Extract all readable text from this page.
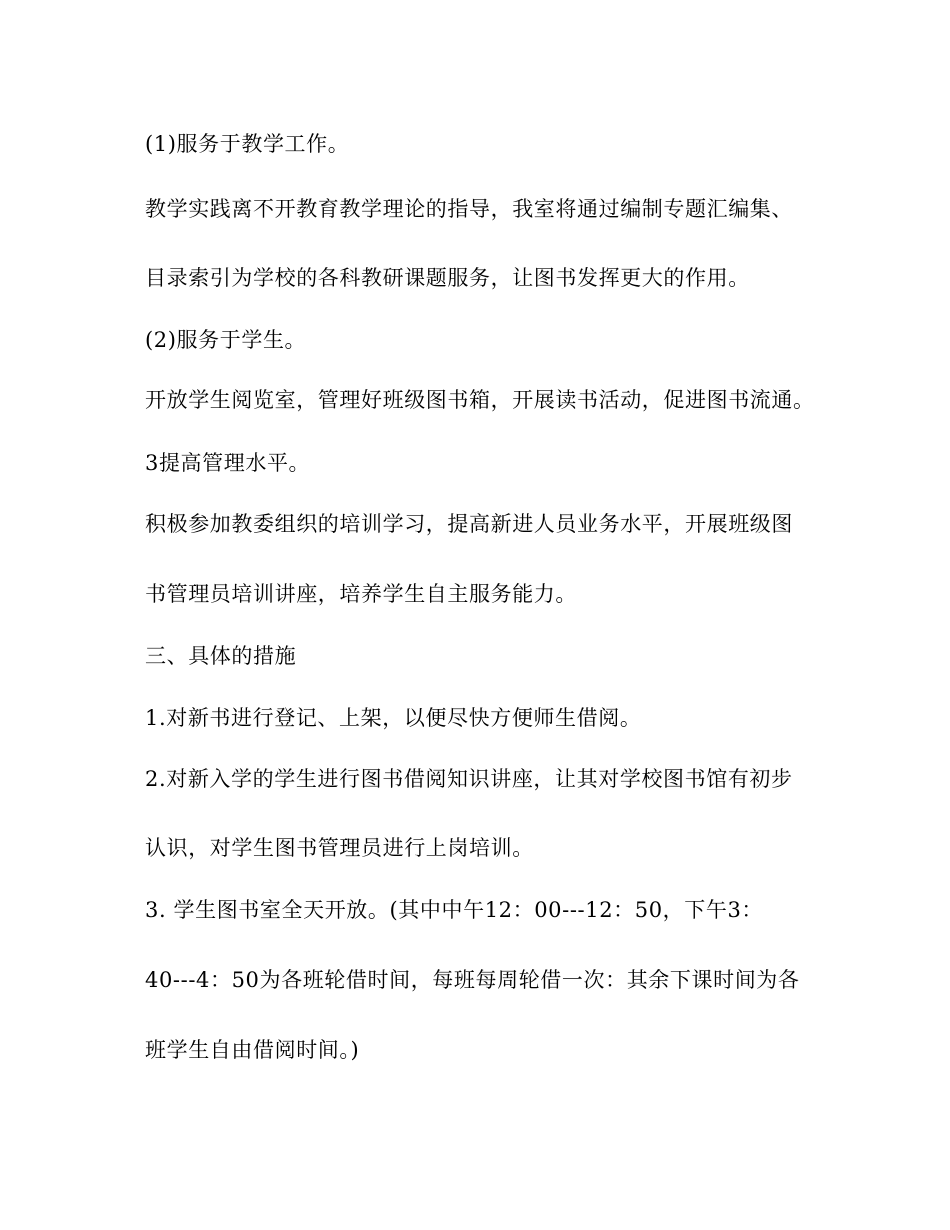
(1)服务于教学工作。
教学实践离不开教育教学理论的指导，我室将通过编制专题汇编集、
目录索引为学校的各科教研课题服务，让图书发挥更大的作用。
(2)服务于学生。
开放学生阅览室，管理好班级图书箱，开展读书活动，促进图书流通。
3提高管理水平。
积极参加教委组织的培训学习，提高新进人员业务水平，开展班级图
书管理员培训讲座，培养学生自主服务能力。
三、具体的措施
1.对新书进行登记、上架，以便尽快方便师生借阅。
2.对新入学的学生进行图书借阅知识讲座，让其对学校图书馆有初步
认识，对学生图书管理员进行上岗培训。
3. 学生图书室全天开放。(其中中午12：00---12：50，下午3：
40---4：50为各班轮借时间，每班每周轮借一次：其余下课时间为各
班学生自由借阅时间。)
